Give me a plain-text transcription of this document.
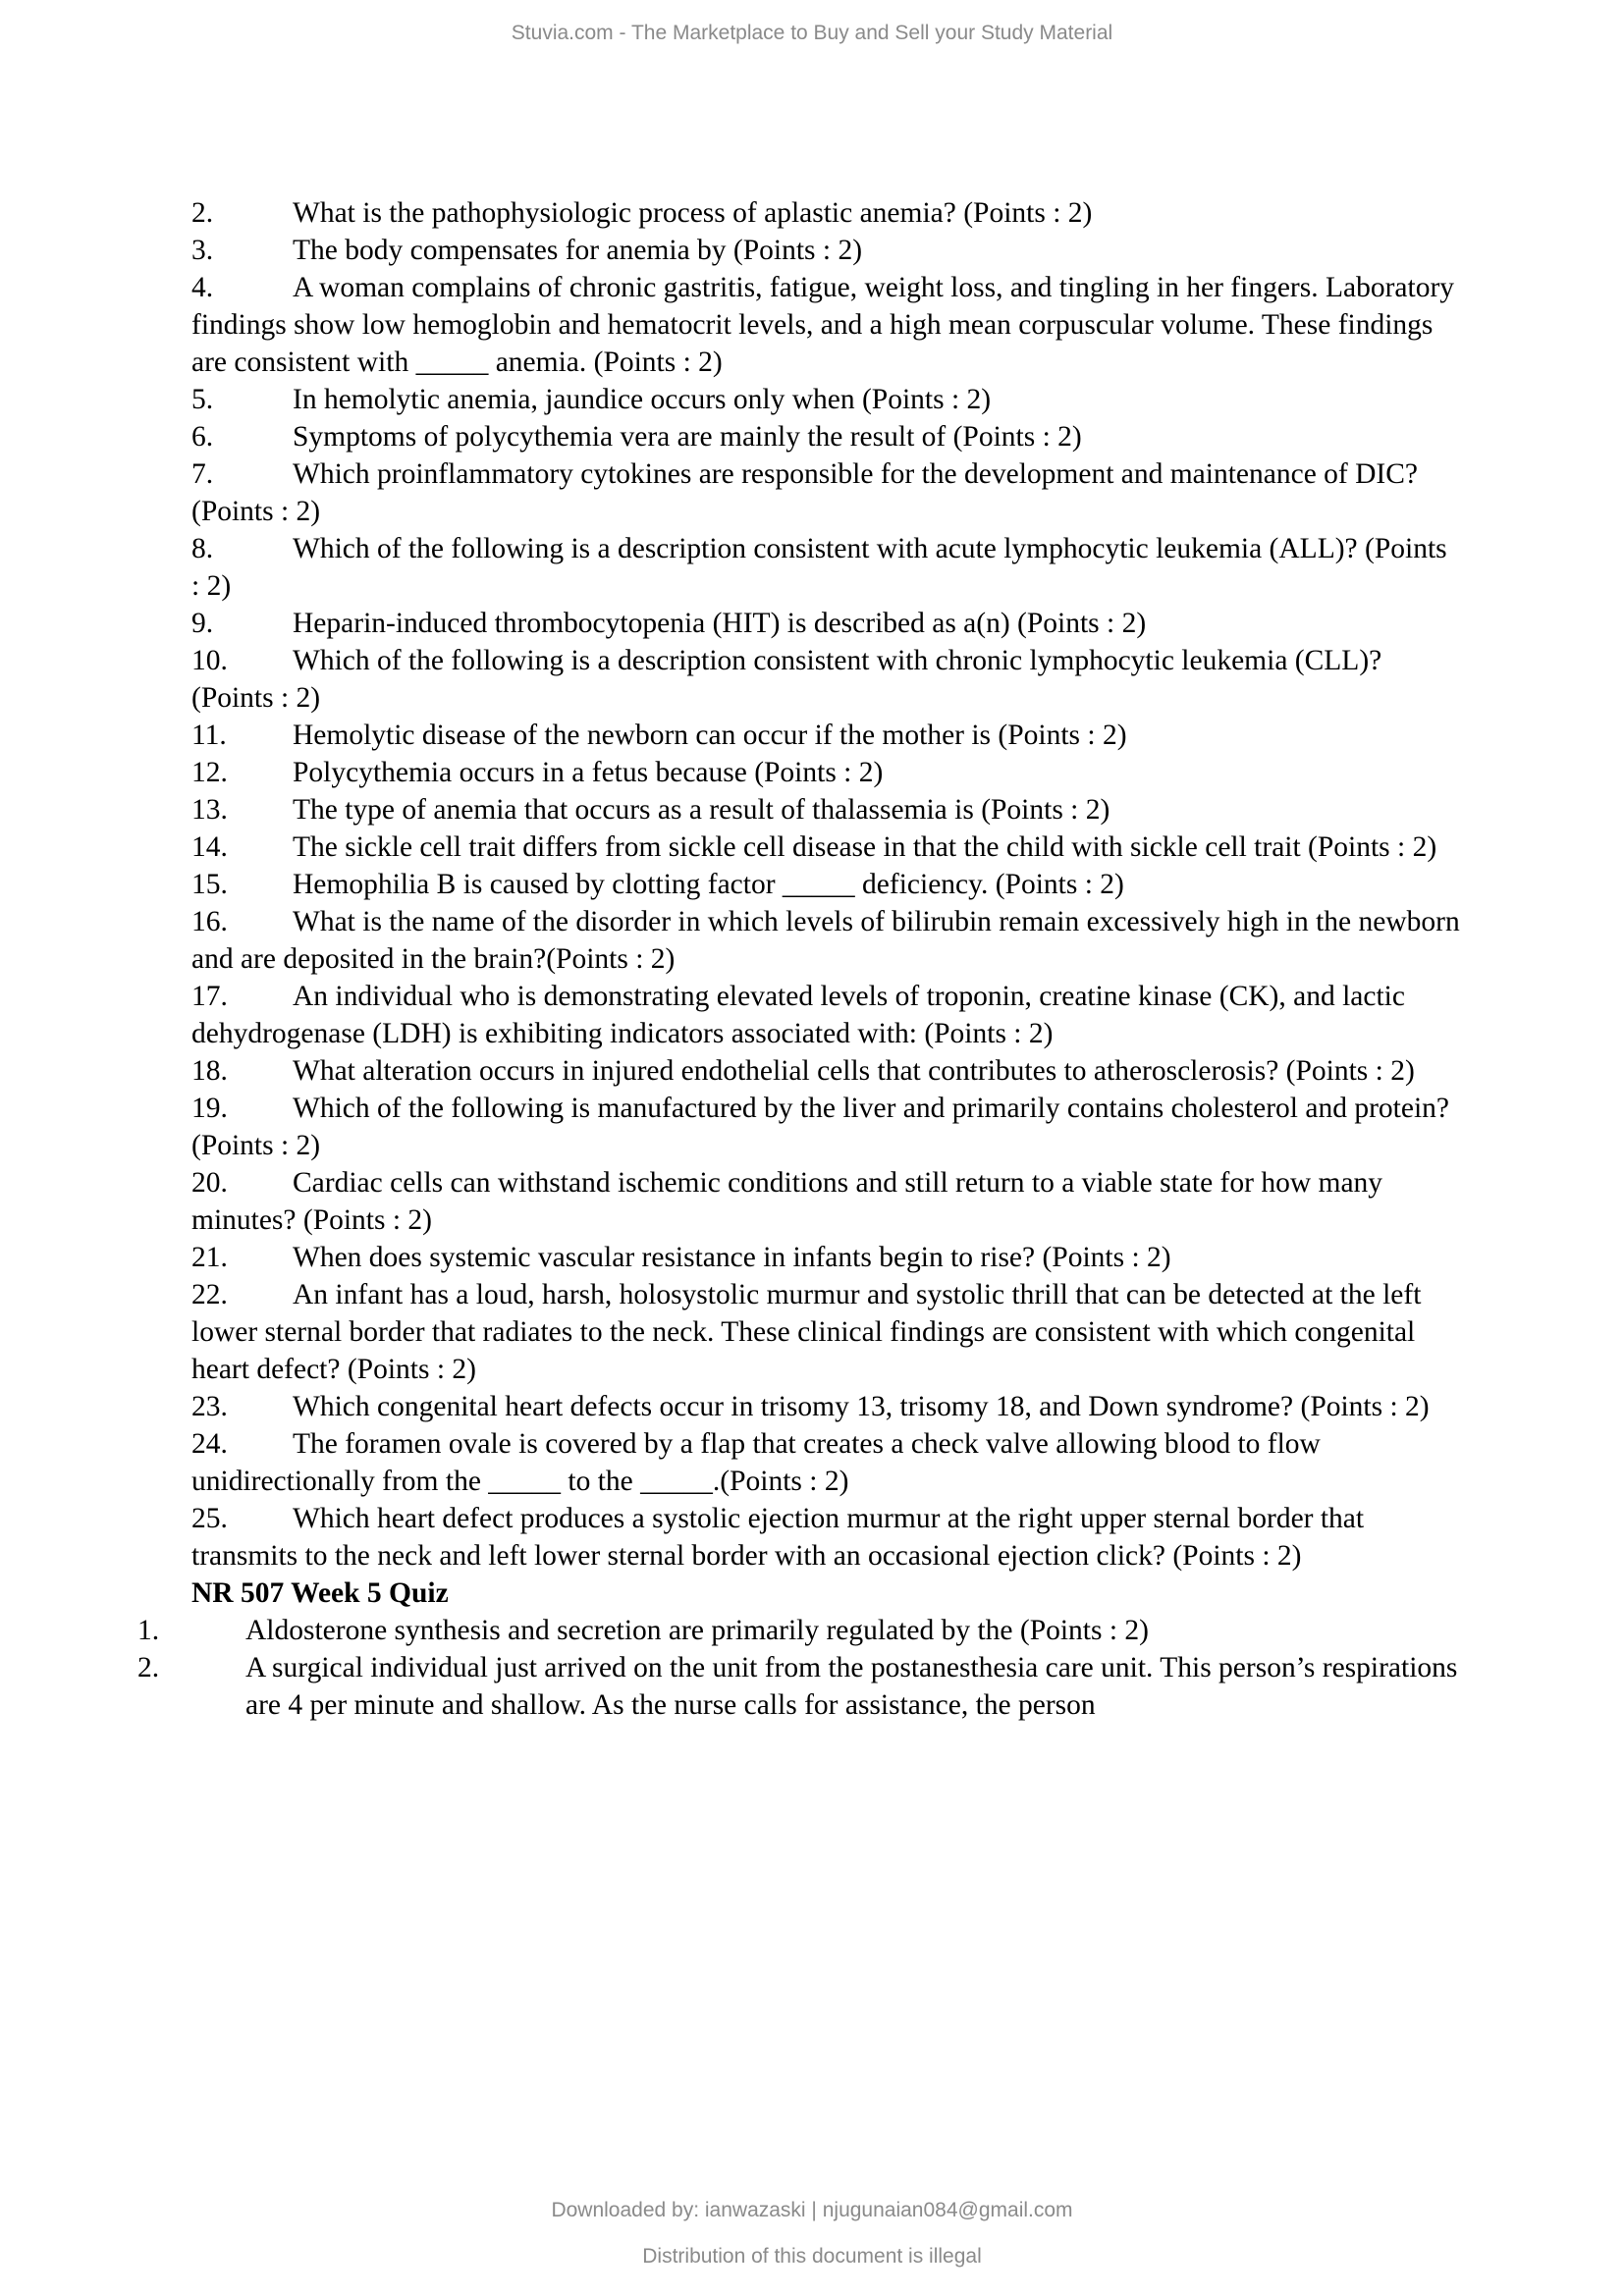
Stuvia.com - The Marketplace to Buy and Sell your Study Material

2.	What is the pathophysiologic process of aplastic anemia? (Points : 2)

3.	The body compensates for anemia by (Points : 2)

4.	A woman complains of chronic gastritis, fatigue, weight loss, and tingling in her fingers. Laboratory findings show low hemoglobin and hematocrit levels, and a high mean corpuscular volume. These findings are consistent with _____ anemia. (Points : 2)

5.	In hemolytic anemia, jaundice occurs only when (Points : 2)

6.	Symptoms of polycythemia vera are mainly the result of (Points : 2)

7.	Which proinflammatory cytokines are responsible for the development and maintenance of DIC? (Points : 2)

8.	Which of the following is a description consistent with acute lymphocytic leukemia (ALL)? (Points : 2)

9.	Heparin-induced thrombocytopenia (HIT) is described as a(n) (Points : 2)

10. Which of the following is a description consistent with chronic lymphocytic leukemia (CLL)? (Points : 2)

11. Hemolytic disease of the newborn can occur if the mother is (Points : 2)

12. Polycythemia occurs in a fetus because (Points : 2)

13. The type of anemia that occurs as a result of thalassemia is (Points : 2)

14. The sickle cell trait differs from sickle cell disease in that the child with sickle cell trait (Points : 2)

15. Hemophilia B is caused by clotting factor _____ deficiency. (Points : 2)

16. What is the name of the disorder in which levels of bilirubin remain excessively high in the newborn and are deposited in the brain?(Points : 2)

17. An individual who is demonstrating elevated levels of troponin, creatine kinase (CK), and lactic dehydrogenase (LDH) is exhibiting indicators associated with: (Points : 2)

18. What alteration occurs in injured endothelial cells that contributes to atherosclerosis? (Points : 2)

19. Which of the following is manufactured by the liver and primarily contains cholesterol and protein? (Points : 2)

20. Cardiac cells can withstand ischemic conditions and still return to a viable state for how many minutes? (Points : 2)

21. When does systemic vascular resistance in infants begin to rise? (Points : 2)

22. An infant has a loud, harsh, holosystolic murmur and systolic thrill that can be detected at the left lower sternal border that radiates to the neck. These clinical findings are consistent with which congenital heart defect? (Points : 2)

23. Which congenital heart defects occur in trisomy 13, trisomy 18, and Down syndrome? (Points : 2)

24. The foramen ovale is covered by a flap that creates a check valve allowing blood to flow unidirectionally from the _____ to the _____.(Points : 2)

25. Which heart defect produces a systolic ejection murmur at the right upper sternal border that transmits to the neck and left lower sternal border with an occasional ejection click? (Points : 2)

NR 507 Week 5 Quiz

1.	Aldosterone synthesis and secretion are primarily regulated by the (Points : 2)

2.	A surgical individual just arrived on the unit from the postanesthesia care unit. This person’s respirations are 4 per minute and shallow. As the nurse calls for assistance, the person

Downloaded by: ianwazaski | njugunaian084@gmail.com
Distribution of this document is illegal
